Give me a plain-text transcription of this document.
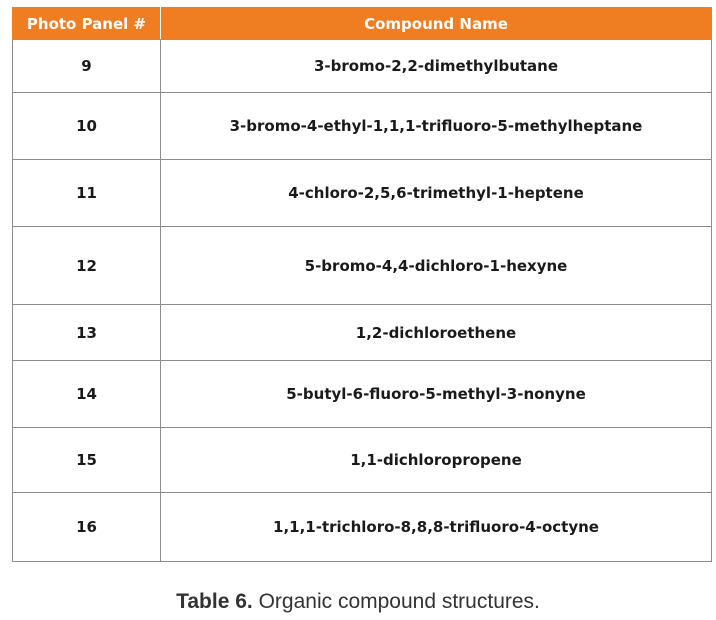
Photo Panel #	Compound Name
9	3-bromo-2,2-dimethylbutane
10	3-bromo-4-ethyl-1,1,1-trifluoro-5-methylheptane
11	4-chloro-2,5,6-trimethyl-1-heptene
12	5-bromo-4,4-dichloro-1-hexyne
13	1,2-dichloroethene
14	5-butyl-6-fluoro-5-methyl-3-nonyne
15	1,1-dichloropropene
16	1,1,1-trichloro-8,8,8-trifluoro-4-octyne
Table 6. Organic compound structures.
